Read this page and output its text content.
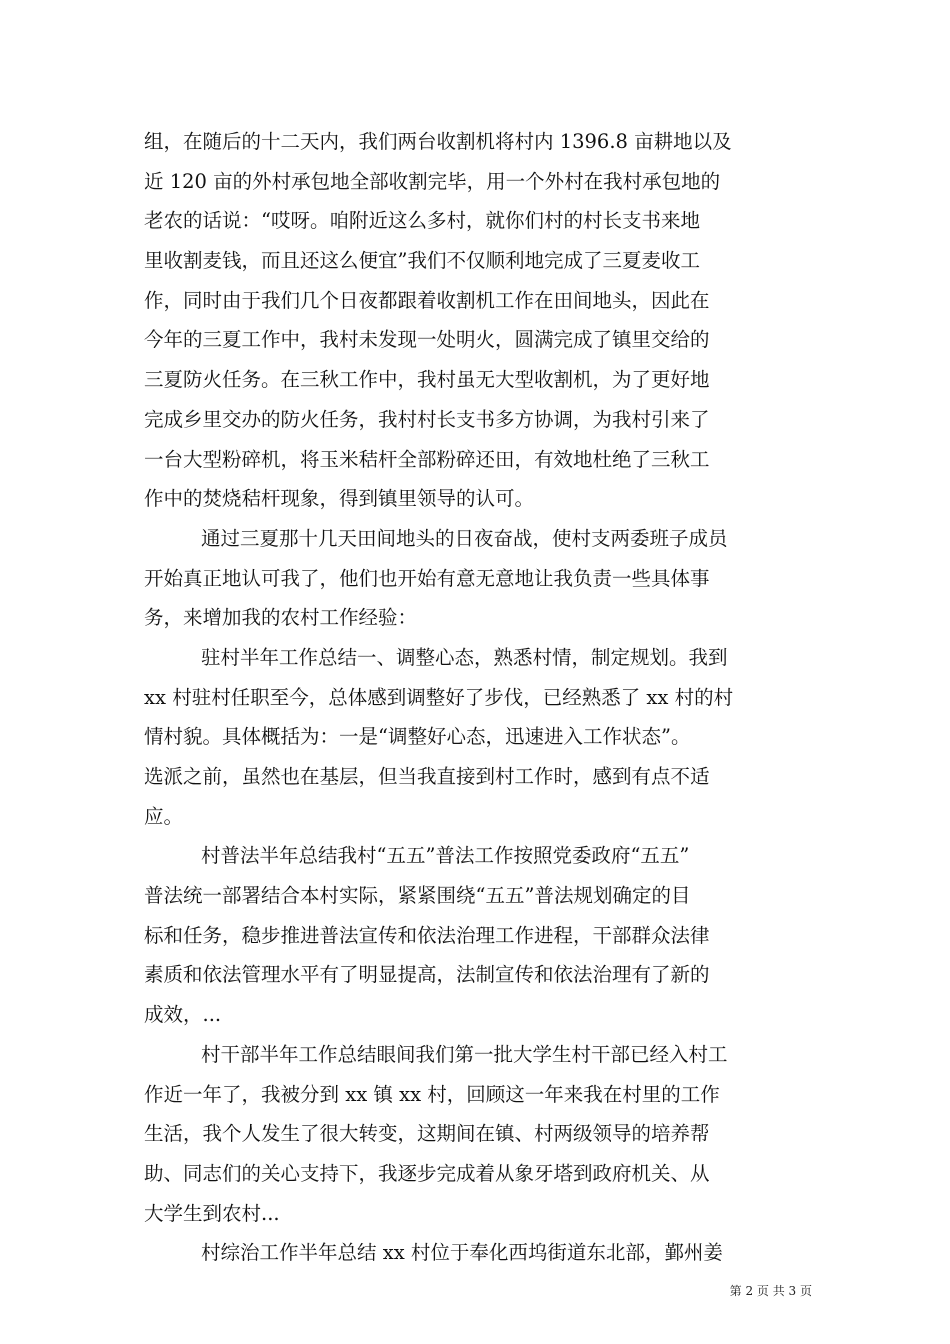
组，在随后的十二天内，我们两台收割机将村内 1396.8 亩耕地以及
近 120 亩的外村承包地全部收割完毕，用一个外村在我村承包地的
老农的话说：“哎呀。咱附近这么多村，就你们村的村长支书来地
里收割麦钱，而且还这么便宜”我们不仅顺利地完成了三夏麦收工
作，同时由于我们几个日夜都跟着收割机工作在田间地头，因此在
今年的三夏工作中，我村未发现一处明火，圆满完成了镇里交给的
三夏防火任务。在三秋工作中，我村虽无大型收割机，为了更好地
完成乡里交办的防火任务，我村村长支书多方协调，为我村引来了
一台大型粉碎机，将玉米秸杆全部粉碎还田，有效地杜绝了三秋工
作中的焚烧秸杆现象，得到镇里领导的认可。
通过三夏那十几天田间地头的日夜奋战，使村支两委班子成员
开始真正地认可我了，他们也开始有意无意地让我负责一些具体事
务，来增加我的农村工作经验：
驻村半年工作总结一、调整心态，熟悉村情，制定规划。我到
xx 村驻村任职至今，总体感到调整好了步伐，已经熟悉了 xx 村的村
情村貌。具体概括为：一是“调整好心态，迅速进入工作状态”。
选派之前，虽然也在基层，但当我直接到村工作时，感到有点不适
应。
村普法半年总结我村“五五”普法工作按照党委政府“五五”
普法统一部署结合本村实际，紧紧围绕“五五”普法规划确定的目
标和任务，稳步推进普法宣传和依法治理工作进程，干部群众法律
素质和依法管理水平有了明显提高，法制宣传和依法治理有了新的
成效，...
村干部半年工作总结眼间我们第一批大学生村干部已经入村工
作近一年了，我被分到 xx 镇 xx 村，回顾这一年来我在村里的工作
生活，我个人发生了很大转变，这期间在镇、村两级领导的培养帮
助、同志们的关心支持下，我逐步完成着从象牙塔到政府机关、从
大学生到农村...
村综治工作半年总结 xx 村位于奉化西坞街道东北部，鄞州姜
第 2 页 共 3 页
